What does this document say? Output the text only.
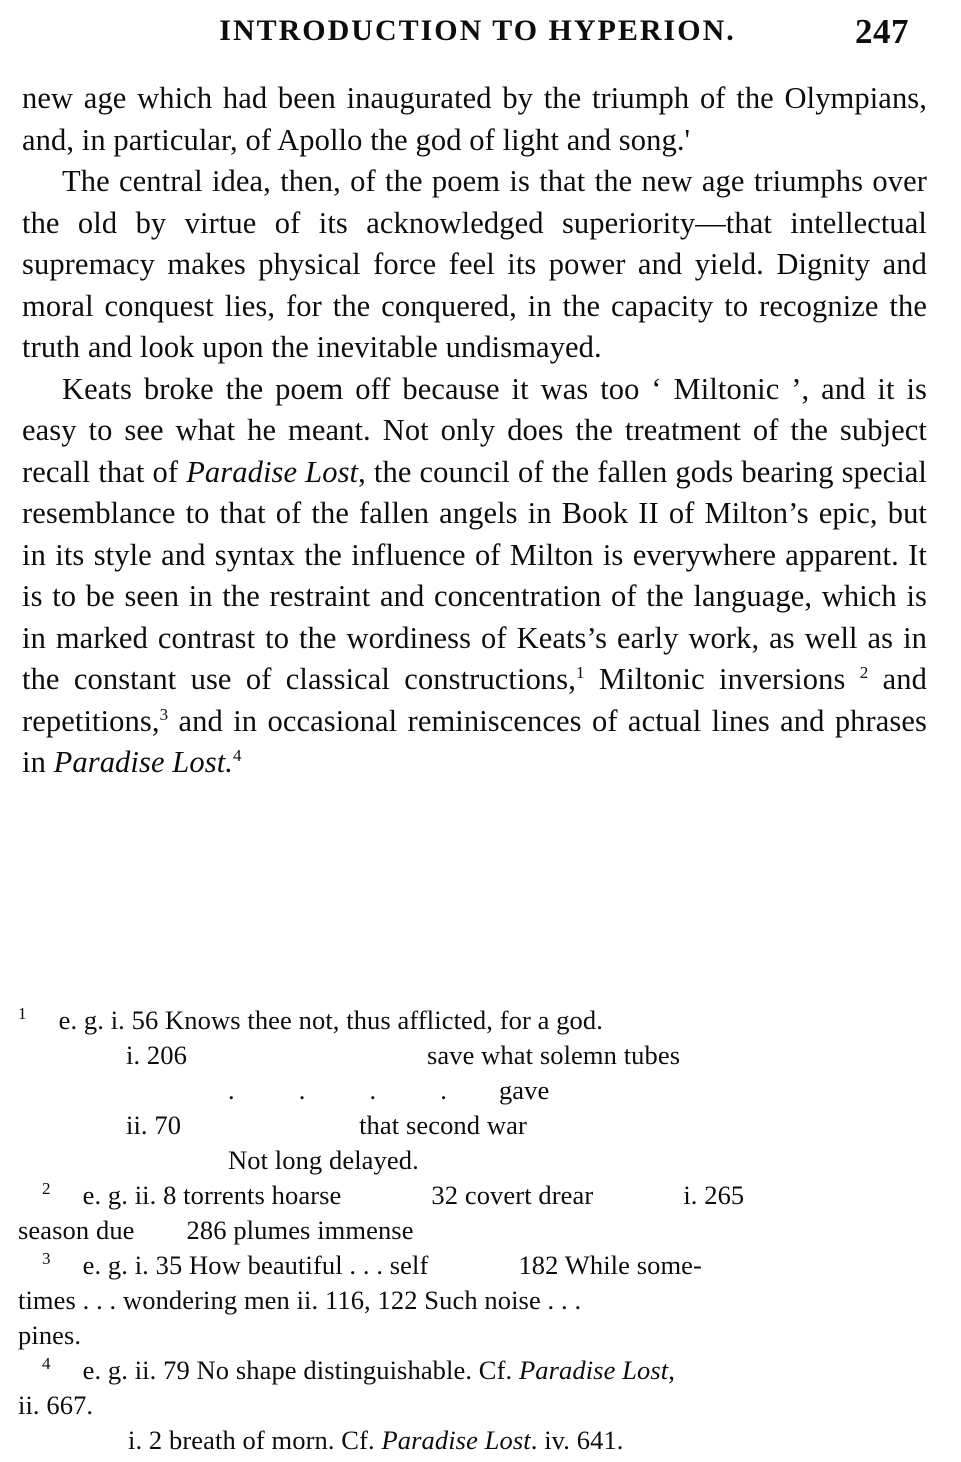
INTRODUCTION TO HYPERION.	247

new age which had been inaugurated by the triumph of the Olympians, and, in particular, of Apollo the god of light and song.'

The central idea, then, of the poem is that the new age triumphs over the old by virtue of its acknowledged superiority—that intellectual supremacy makes physical force feel its power and yield. Dignity and moral conquest lies, for the conquered, in the capacity to recognize the truth and look upon the inevitable undismayed.

Keats broke the poem off because it was too ‘ Miltonic ’, and it is easy to see what he meant. Not only does the treatment of the subject recall that of Paradise Lost, the council of the fallen gods bearing special resemblance to that of the fallen angels in Book II of Milton’s epic, but in its style and syntax the influence of Milton is everywhere apparent. It is to be seen in the restraint and concentration of the language, which is in marked contrast to the wordiness of Keats’s early work, as well as in the constant use of classical constructions,$^1$ Miltonic inversions $^2$ and repetitions,$^3$ and in occasional reminiscences of actual lines and phrases in Paradise Lost.$^4$

$^1$ e. g. i. 56 Knows thee not, thus afflicted, for a god.

i. 206	save what solemn tubes

. . . . gave

ii. 70	that second war

Not long delayed.

$^2$ e. g. ii. 8 torrents hoarse	32 covert drear	i. 265

season due 286 plumes immense

$^3$ e. g. i. 35 How beautiful . . . self	182 While some-

times . . . wondering men ii. 116, 122 Such noise . . .

pines.

$^4$ e. g. ii. 79 No shape distinguishable. Cf. Paradise Lost,

ii. 667.

i. 2 breath of morn. Cf. Paradise Lost. iv. 641.
